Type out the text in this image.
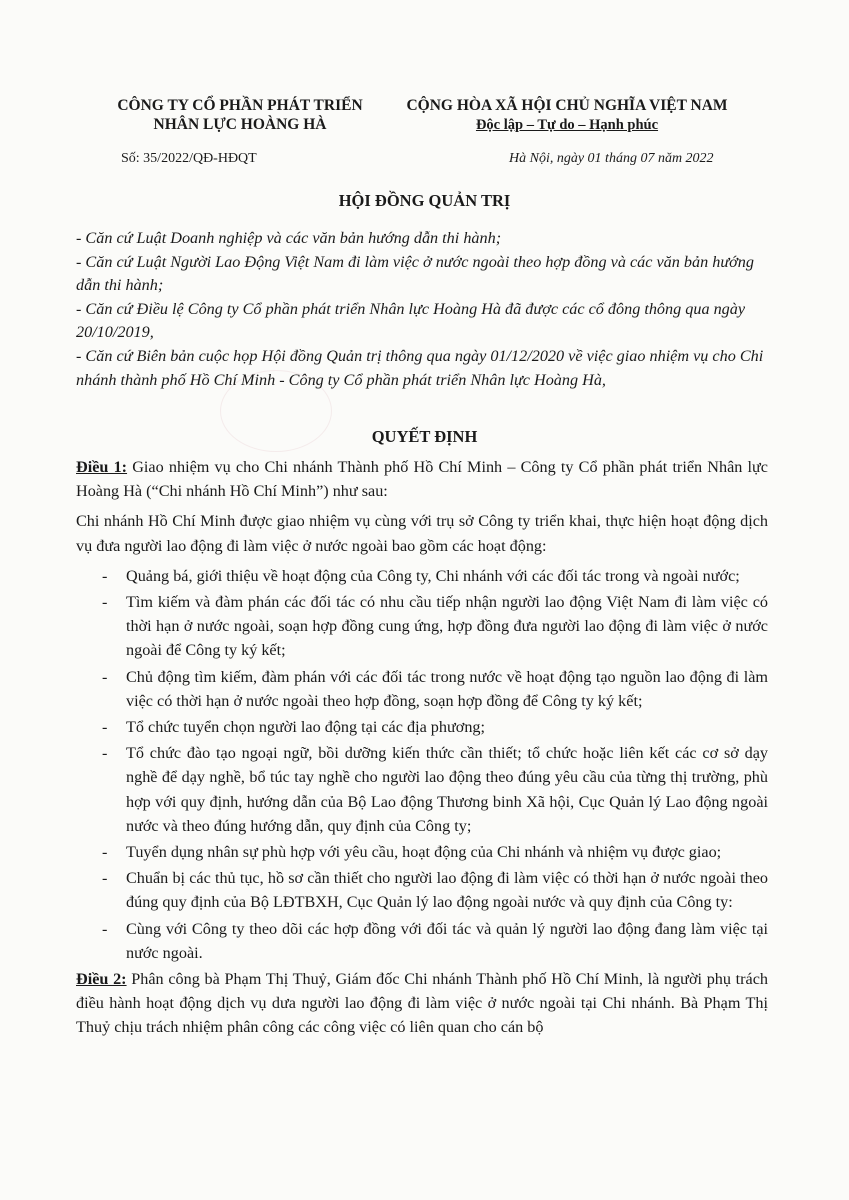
CÔNG TY CỔ PHẦN PHÁT TRIỂN
NHÂN LỰC HOÀNG HÀ
CỘNG HÒA XÃ HỘI CHỦ NGHĨA VIỆT NAM
Độc lập – Tự do – Hạnh phúc
Số: 35/2022/QĐ-HĐQT	Hà Nội, ngày 01 tháng 07 năm 2022
HỘI ĐỒNG QUẢN TRỊ

- Căn cứ Luật Doanh nghiệp và các văn bản hướng dẫn thi hành;

- Căn cứ Luật Người Lao Động Việt Nam đi làm việc ở nước ngoài theo hợp đồng và các văn bản hướng dẫn thi hành;

- Căn cứ Điều lệ Công ty Cổ phần phát triển Nhân lực Hoàng Hà đã được các cổ đông thông qua ngày 20/10/2019,

- Căn cứ Biên bản cuộc họp Hội đồng Quản trị thông qua ngày 01/12/2020 về việc giao nhiệm vụ cho Chi nhánh thành phố Hồ Chí Minh - Công ty Cổ phần phát triển Nhân lực Hoàng Hà,

QUYẾT ĐỊNH

Điều 1: Giao nhiệm vụ cho Chi nhánh Thành phố Hồ Chí Minh – Công ty Cổ phần phát triển Nhân lực Hoàng Hà (“Chi nhánh Hồ Chí Minh”) như sau:

Chi nhánh Hồ Chí Minh được giao nhiệm vụ cùng với trụ sở Công ty triển khai, thực hiện hoạt động dịch vụ đưa người lao động đi làm việc ở nước ngoài bao gồm các hoạt động:

- Quảng bá, giới thiệu về hoạt động của Công ty, Chi nhánh với các đối tác trong và ngoài nước;
- Tìm kiếm và đàm phán các đối tác có nhu cầu tiếp nhận người lao động Việt Nam đi làm việc có thời hạn ở nước ngoài, soạn hợp đồng cung ứng, hợp đồng đưa người lao động đi làm việc ở nước ngoài để Công ty ký kết;
- Chủ động tìm kiếm, đàm phán với các đối tác trong nước về hoạt động tạo nguồn lao động đi làm việc có thời hạn ở nước ngoài theo hợp đồng, soạn hợp đồng để Công ty ký kết;
- Tổ chức tuyển chọn người lao động tại các địa phương;
- Tổ chức đào tạo ngoại ngữ, bồi dưỡng kiến thức cần thiết; tổ chức hoặc liên kết các cơ sở dạy nghề để dạy nghề, bổ túc tay nghề cho người lao động theo đúng yêu cầu của từng thị trường, phù hợp với quy định, hướng dẫn của Bộ Lao động Thương binh Xã hội, Cục Quản lý Lao động ngoài nước và theo đúng hướng dẫn, quy định của Công ty;
- Tuyển dụng nhân sự phù hợp với yêu cầu, hoạt động của Chi nhánh và nhiệm vụ được giao;
- Chuẩn bị các thủ tục, hồ sơ cần thiết cho người lao động đi làm việc có thời hạn ở nước ngoài theo đúng quy định của Bộ LĐTBXH, Cục Quản lý lao động ngoài nước và quy định của Công ty:
- Cùng với Công ty theo dõi các hợp đồng với đối tác và quản lý người lao động đang làm việc tại nước ngoài.

Điều 2: Phân công bà Phạm Thị Thuỷ, Giám đốc Chi nhánh Thành phố Hồ Chí Minh, là người phụ trách điều hành hoạt động dịch vụ dưa người lao động đi làm việc ở nước ngoài tại Chi nhánh. Bà Phạm Thị Thuỷ chịu trách nhiệm phân công các công việc có liên quan cho cán bộ
